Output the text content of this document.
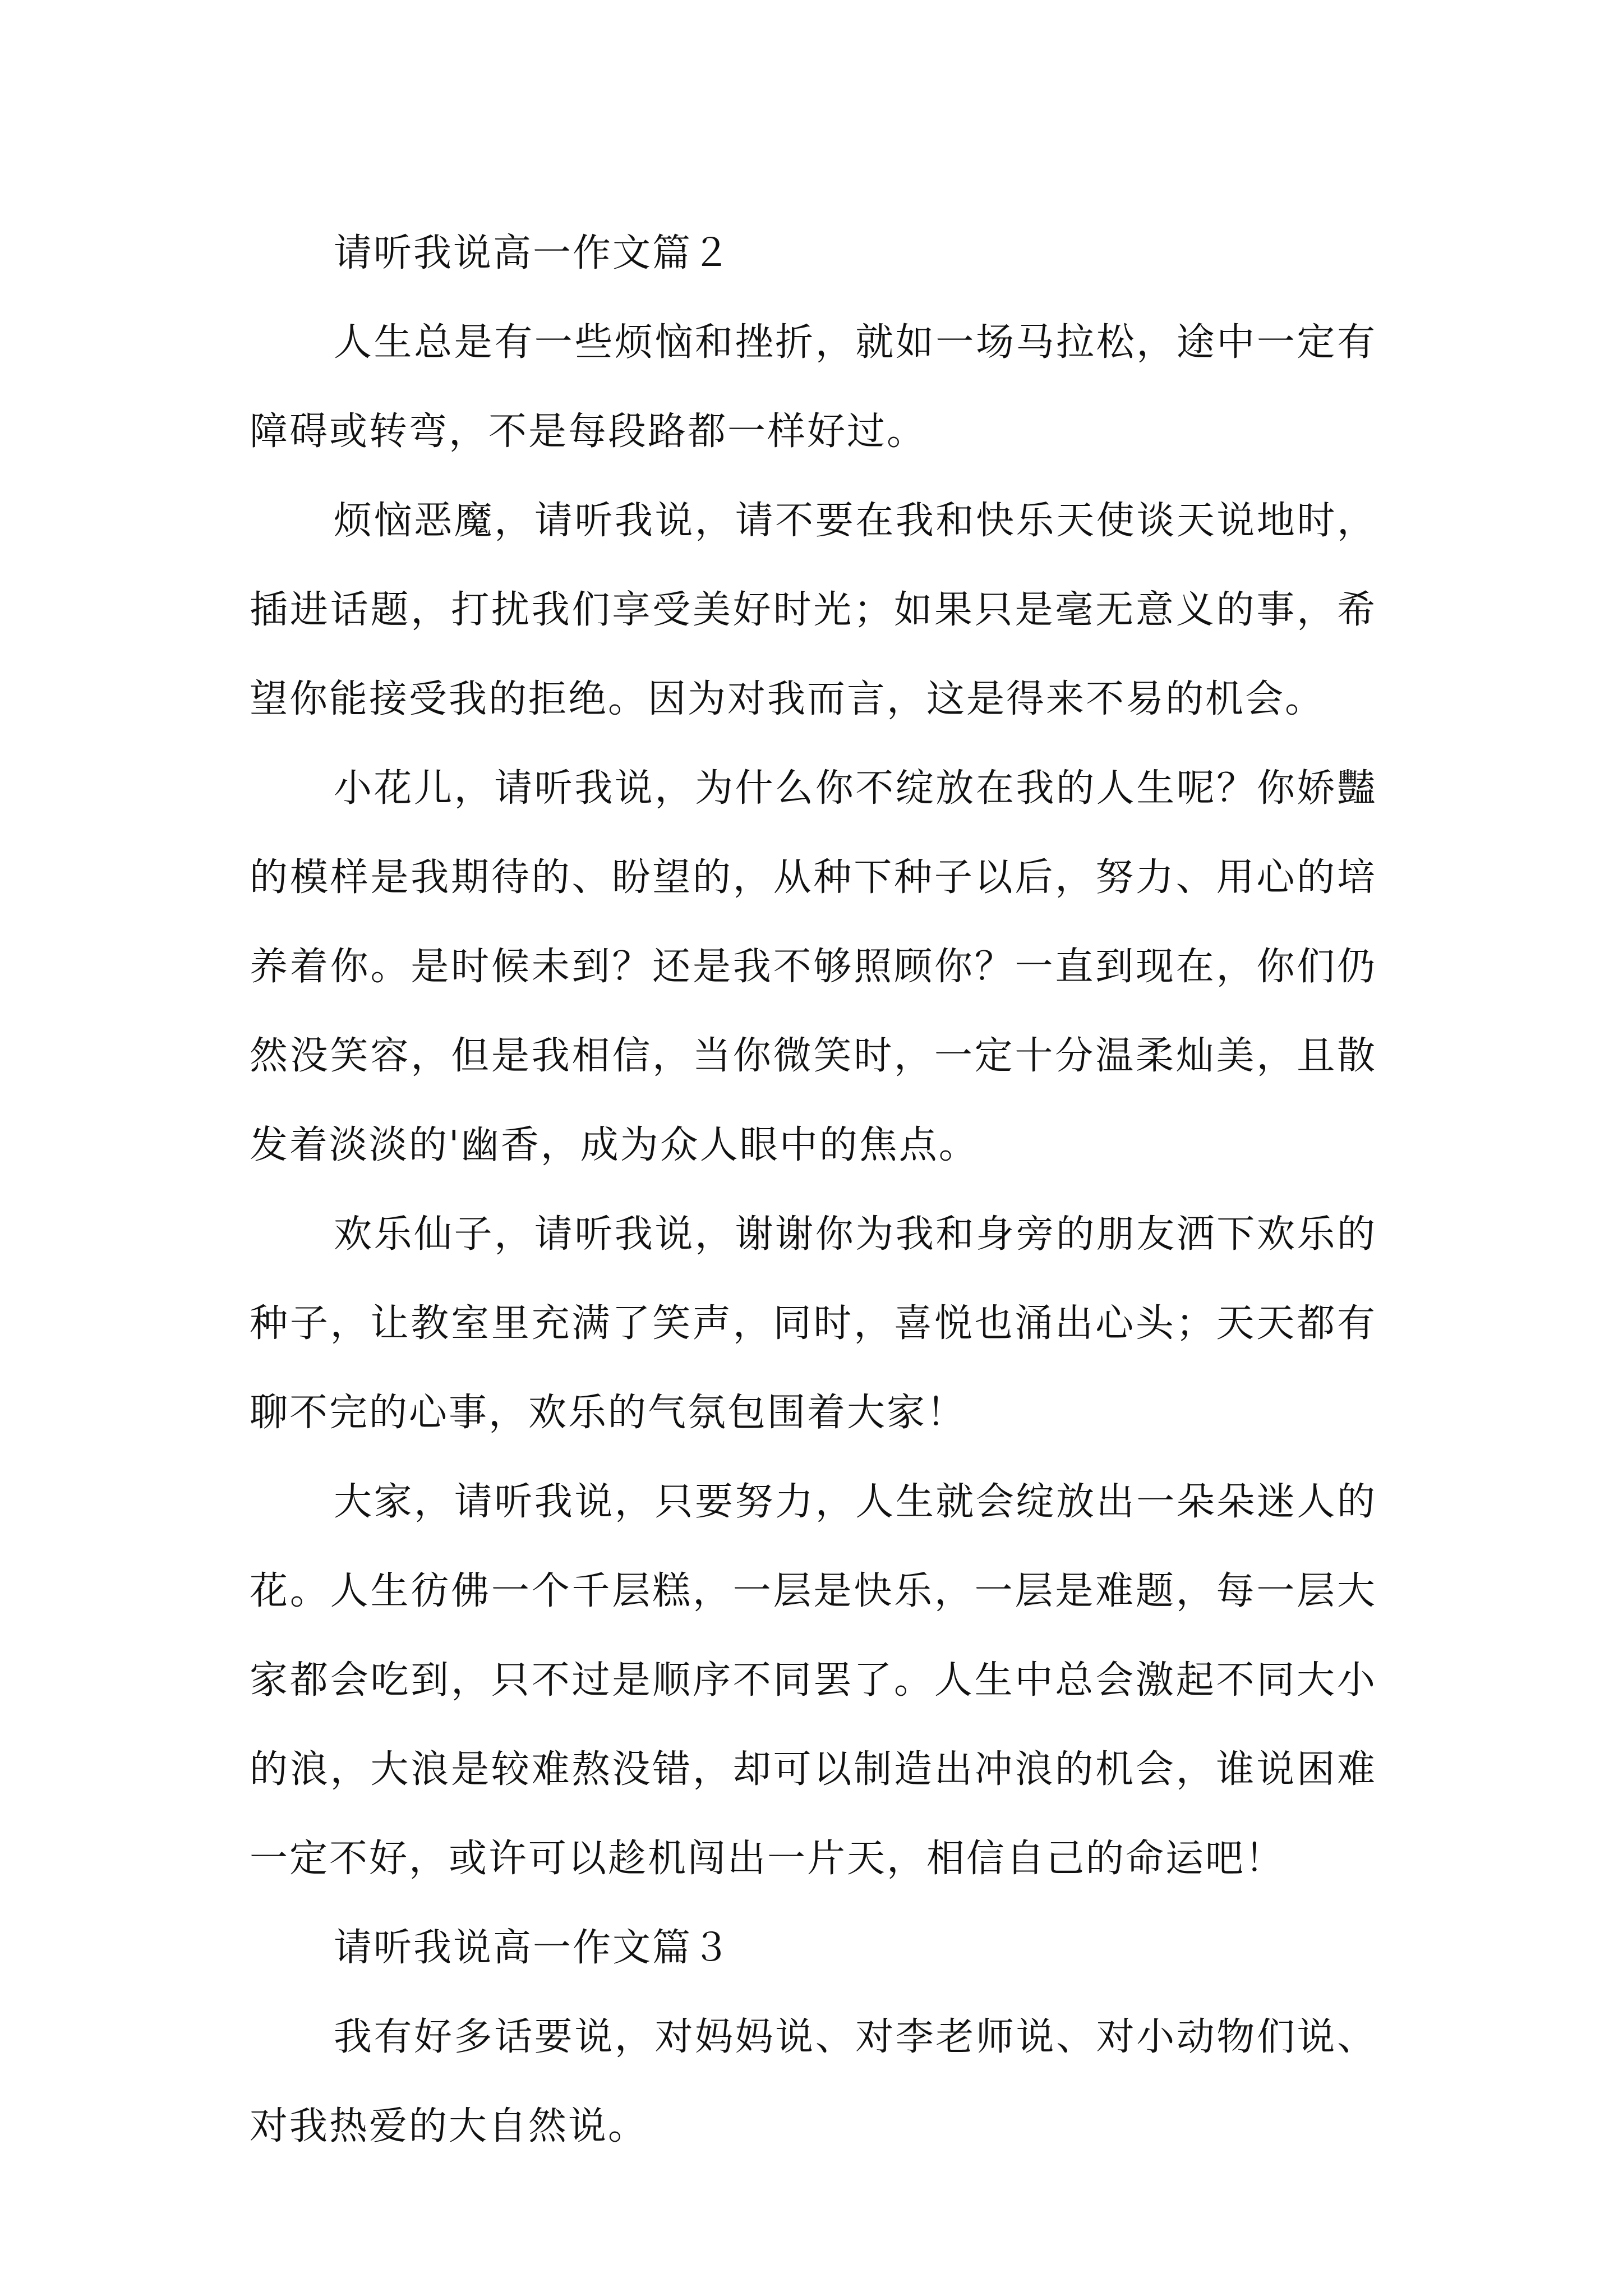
请听我说高一作文篇２

人生总是有一些烦恼和挫折，就如一场马拉松，途中一定有障碍或转弯，不是每段路都一样好过。

烦恼恶魔，请听我说，请不要在我和快乐天使谈天说地时，插进话题，打扰我们享受美好时光；如果只是毫无意义的事，希望你能接受我的拒绝。因为对我而言，这是得来不易的机会。

小花儿，请听我说，为什么你不绽放在我的人生呢？你娇豔的模样是我期待的、盼望的，从种下种子以后，努力、用心的培养着你。是时候未到？还是我不够照顾你？一直到现在，你们仍然没笑容，但是我相信，当你微笑时，一定十分温柔灿美，且散发着淡淡的'幽香，成为众人眼中的焦点。

欢乐仙子，请听我说，谢谢你为我和身旁的朋友洒下欢乐的种子，让教室里充满了笑声，同时，喜悦也涌出心头；天天都有聊不完的心事，欢乐的气氛包围着大家！

大家，请听我说，只要努力，人生就会绽放出一朵朵迷人的花。人生彷佛一个千层糕，一层是快乐，一层是难题，每一层大家都会吃到，只不过是顺序不同罢了。人生中总会激起不同大小的浪，大浪是较难熬没错，却可以制造出冲浪的机会，谁说困难一定不好，或许可以趁机闯出一片天，相信自己的命运吧！

请听我说高一作文篇３

我有好多话要说，对妈妈说、对李老师说、对小动物们说、对我热爱的大自然说。
